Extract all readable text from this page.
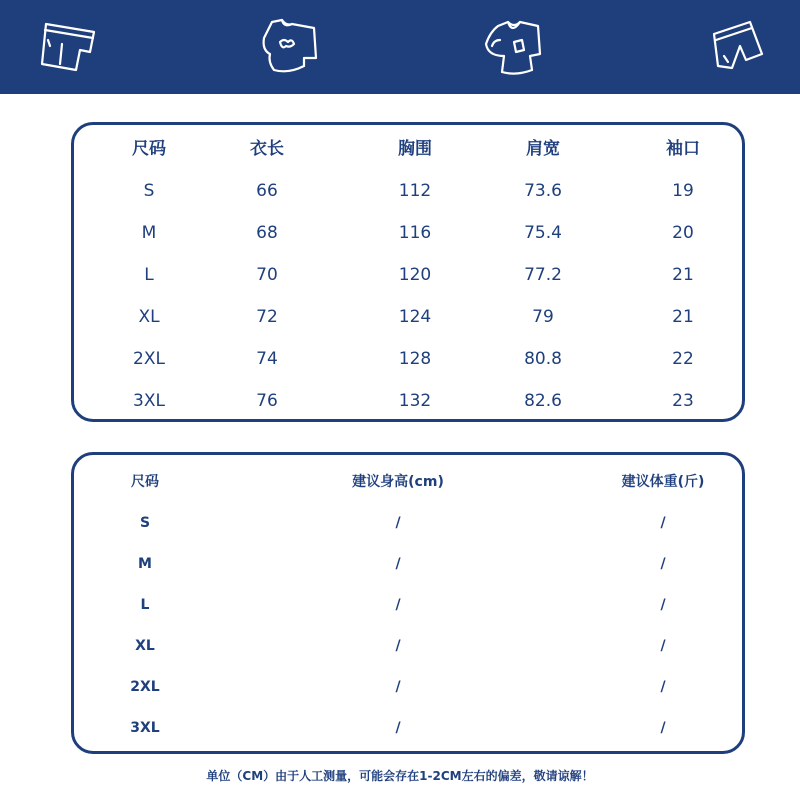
尺码	衣长	胸围	肩宽	袖口
S	66	112	73.6	19
M	68	116	75.4	20
L	70	120	77.2	21
XL	72	124	79	21
2XL	74	128	80.8	22
3XL	76	132	82.6	23
尺码	建议身高(cm)	建议体重(斤)
S	/	/
M	/	/
L	/	/
XL	/	/
2XL	/	/
3XL	/	/
单位（CM）由于人工测量，可能会存在1-2CM左右的偏差，敬请谅解！
